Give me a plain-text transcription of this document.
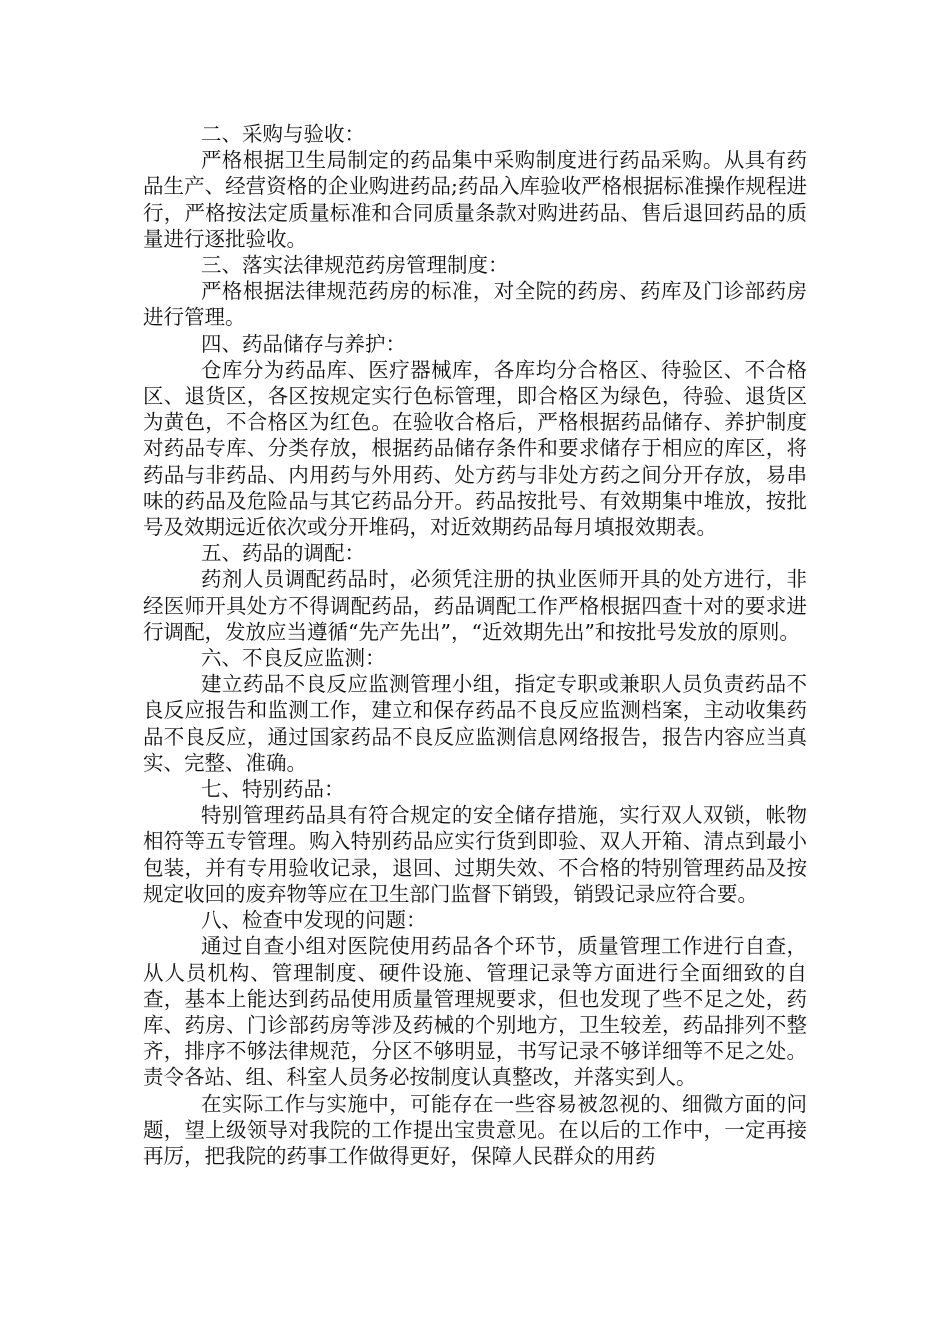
二、采购与验收：

严格根据卫生局制定的药品集中采购制度进行药品采购。从具有药品生产、经营资格的企业购进药品;药品入库验收严格根据标准操作规程进行，严格按法定质量标准和合同质量条款对购进药品、售后退回药品的质量进行逐批验收。

三、落实法律规范药房管理制度：

严格根据法律规范药房的标准，对全院的药房、药库及门诊部药房进行管理。

四、药品储存与养护：

仓库分为药品库、医疗器械库，各库均分合格区、待验区、不合格区、退货区，各区按规定实行色标管理，即合格区为绿色，待验、退货区为黄色，不合格区为红色。在验收合格后，严格根据药品储存、养护制度对药品专库、分类存放，根据药品储存条件和要求储存于相应的库区，将药品与非药品、内用药与外用药、处方药与非处方药之间分开存放，易串味的药品及危险品与其它药品分开。药品按批号、有效期集中堆放，按批号及效期远近依次或分开堆码，对近效期药品每月填报效期表。

五、药品的调配：

药剂人员调配药品时，必须凭注册的执业医师开具的处方进行，非经医师开具处方不得调配药品，药品调配工作严格根据四查十对的要求进行调配，发放应当遵循“先产先出”，“近效期先出”和按批号发放的原则。

六、不良反应监测：

建立药品不良反应监测管理小组，指定专职或兼职人员负责药品不良反应报告和监测工作，建立和保存药品不良反应监测档案，主动收集药品不良反应，通过国家药品不良反应监测信息网络报告，报告内容应当真实、完整、准确。

七、特别药品：

特别管理药品具有符合规定的安全储存措施，实行双人双锁，帐物相符等五专管理。购入特别药品应实行货到即验、双人开箱、清点到最小包装，并有专用验收记录，退回、过期失效、不合格的特别管理药品及按规定收回的废弃物等应在卫生部门监督下销毁，销毁记录应符合要。

八、检查中发现的问题：

通过自查小组对医院使用药品各个环节，质量管理工作进行自查，从人员机构、管理制度、硬件设施、管理记录等方面进行全面细致的自查，基本上能达到药品使用质量管理规要求，但也发现了些不足之处，药库、药房、门诊部药房等涉及药械的个别地方，卫生较差，药品排列不整齐，排序不够法律规范，分区不够明显，书写记录不够详细等不足之处。责令各站、组、科室人员务必按制度认真整改，并落实到人。

在实际工作与实施中，可能存在一些容易被忽视的、细微方面的问题，望上级领导对我院的工作提出宝贵意见。在以后的工作中，一定再接再厉，把我院的药事工作做得更好，保障人民群众的用药
